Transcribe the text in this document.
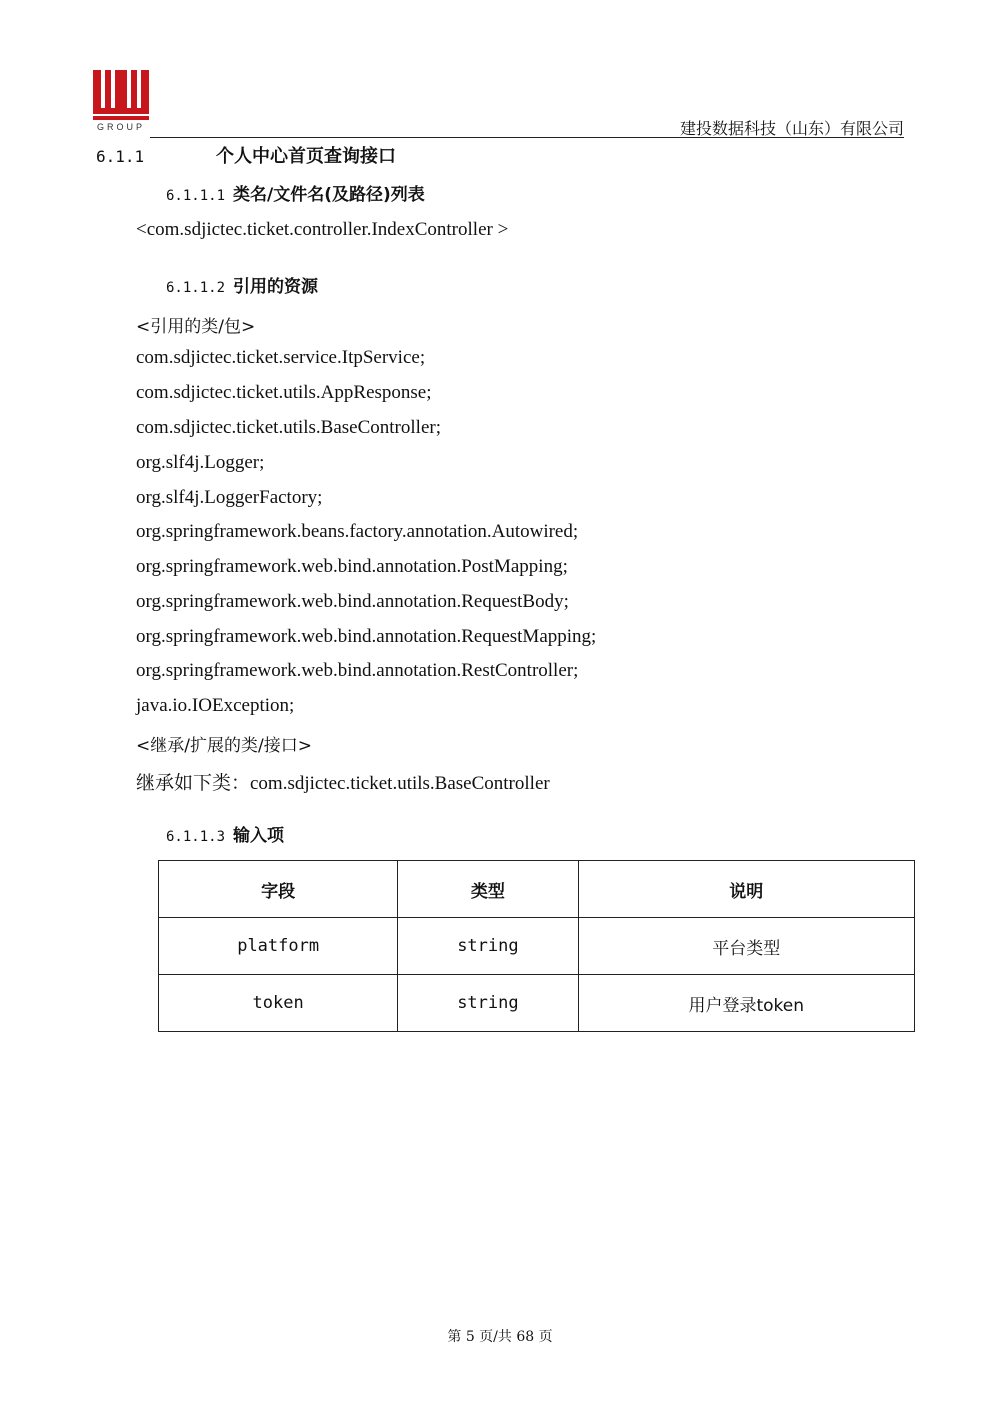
GROUP	建投数据科技（山东）有限公司
6.1.1	个人中心首页查询接口
6.1.1.1 类名/文件名(及路径)列表
<com.sdjictec.ticket.controller.IndexController >
6.1.1.2 引用的资源
<引用的类/包>
com.sdjictec.ticket.service.ItpService;
com.sdjictec.ticket.utils.AppResponse;
com.sdjictec.ticket.utils.BaseController;
org.slf4j.Logger;
org.slf4j.LoggerFactory;
org.springframework.beans.factory.annotation.Autowired;
org.springframework.web.bind.annotation.PostMapping;
org.springframework.web.bind.annotation.RequestBody;
org.springframework.web.bind.annotation.RequestMapping;
org.springframework.web.bind.annotation.RestController;
java.io.IOException;
<继承/扩展的类/接口>
继承如下类：com.sdjictec.ticket.utils.BaseController
6.1.1.3 输入项
字段	类型	说明
platform	string	平台类型
token	string	用户登录token
第 5 页/共 68 页
